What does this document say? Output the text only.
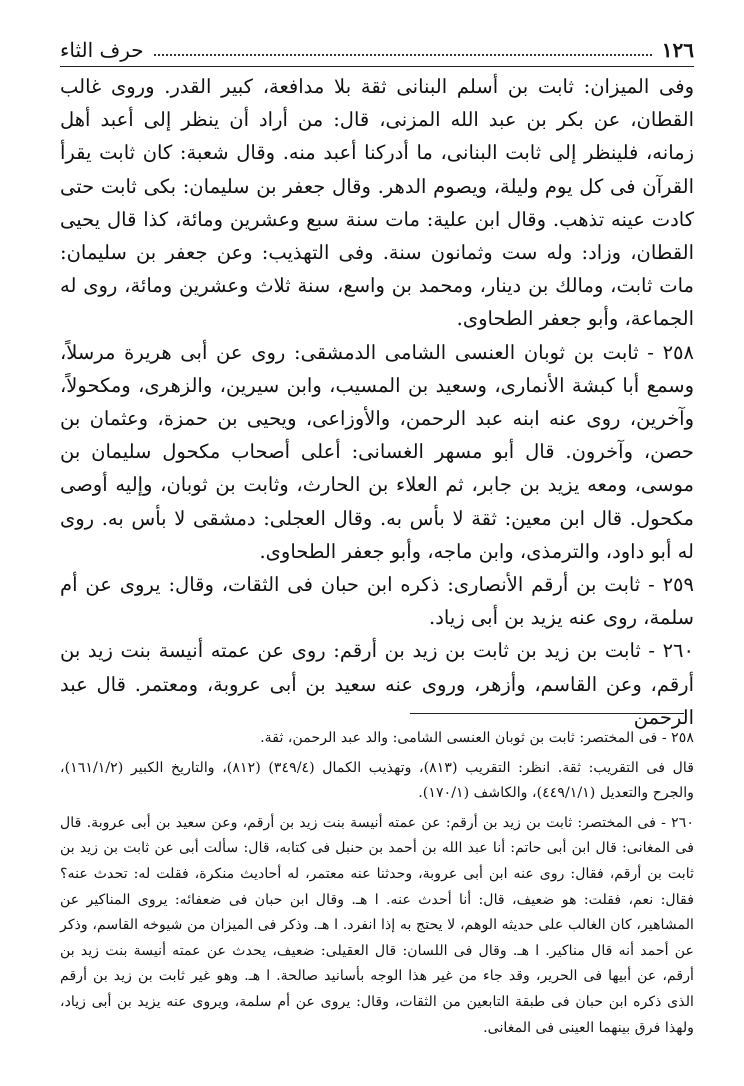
١٢٦
حرف الثاء

وفى الميزان: ثابت بن أسلم البنانى ثقة بلا مدافعة، كبير القدر. وروى غالب القطان، عن بكر بن عبد الله المزنى، قال: من أراد أن ينظر إلى أعبد أهل زمانه، فلينظر إلى ثابت البنانى، ما أدركنا أعبد منه. وقال شعبة: كان ثابت يقرأ القرآن فى كل يوم وليلة، ويصوم الدهر. وقال جعفر بن سليمان: بكى ثابت حتى كادت عينه تذهب. وقال ابن علية: مات سنة سبع وعشرين ومائة، كذا قال يحيى القطان، وزاد: وله ست وثمانون سنة. وفى التهذيب: وعن جعفر بن سليمان: مات ثابت، ومالك بن دينار، ومحمد بن واسع، سنة ثلاث وعشرين ومائة، روى له الجماعة، وأبو جعفر الطحاوى.

٢٥٨ - ثابت بن ثوبان العنسى الشامى الدمشقى: روى عن أبى هريرة مرسلاً، وسمع أبا كبشة الأنمارى، وسعيد بن المسيب، وابن سيرين، والزهرى، ومكحولاً، وآخرين، روى عنه ابنه عبد الرحمن، والأوزاعى، ويحيى بن حمزة، وعثمان بن حصن، وآخرون. قال أبو مسهر الغسانى: أعلى أصحاب مكحول سليمان بن موسى، ومعه يزيد بن جابر، ثم العلاء بن الحارث، وثابت بن ثوبان، وإليه أوصى مكحول. قال ابن معين: ثقة لا بأس به. وقال العجلى: دمشقى لا بأس به. روى له أبو داود، والترمذى، وابن ماجه، وأبو جعفر الطحاوى.

٢٥٩ - ثابت بن أرقم الأنصارى: ذكره ابن حبان فى الثقات، وقال: يروى عن أم سلمة، روى عنه يزيد بن أبى زياد.

٢٦٠ - ثابت بن زيد بن ثابت بن زيد بن أرقم: روى عن عمته أنيسة بنت زيد بن أرقم، وعن القاسم، وأزهر، وروى عنه سعيد بن أبى عروبة، ومعتمر. قال عبد الرحمن

٢٥٨ - فى المختصر: ثابت بن ثوبان العنسى الشامى: والد عبد الرحمن، ثقة.

قال فى التقريب: ثقة. انظر: التقريب (٨١٣)، وتهذيب الكمال (٣٤٩/٤) (٨١٢)، والتاريخ الكبير (١٦١/١/٢)، والجرح والتعديل (٤٤٩/١/١)، والكاشف (١٧٠/١).

٢٦٠ - فى المختصر: ثابت بن زيد بن أرقم: عن عمته أنيسة بنت زيد بن أرقم، وعن سعيد بن أبى عروبة. قال فى المغانى: قال ابن أبى حاتم: أنا عبد الله بن أحمد بن حنبل فى كتابه، قال: سألت أبى عن ثابت بن زيد بن ثابت بن أرقم، فقال: روى عنه ابن أبى عروبة، وحدثنا عنه معتمر، له أحاديث منكرة، فقلت له: تحدث عنه؟ فقال: نعم، فقلت: هو ضعيف، قال: أنا أحدث عنه. ا هـ. وقال ابن حبان فى ضعفائه: يروى المناكير عن المشاهير، كان الغالب على حديثه الوهم، لا يحتج به إذا انفرد. ا هـ. وذكر فى الميزان من شيوخه القاسم، وذكر عن أحمد أنه قال مناكير. ا هـ. وقال فى اللسان: قال العقيلى: ضعيف، يحدث عن عمته أنيسة بنت زيد بن أرقم، عن أبيها فى الحرير، وقد جاء من غير هذا الوجه بأسانيد صالحة. ا هـ. وهو غير ثابت بن زيد بن أرقم الذى ذكره ابن حبان فى طبقة التابعين من الثقات، وقال: يروى عن أم سلمة، ويروى عنه يزيد بن أبى زياد، ولهذا فرق بينهما العينى فى المغانى.
